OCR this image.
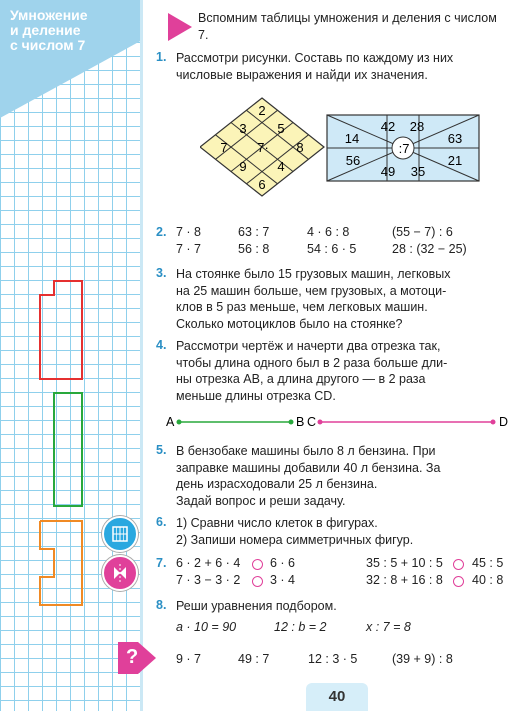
Умножение
и деление
с числом 7
Вспомним таблицы умножения и деления с числом 7.
1. Рассмотри рисунки. Составь по каждому из них числовые выражения и найди их значения.
7·
2
3 5
7	8
9 4
6
:7
42 28
14	63
56	21
49 35
2. 7 · 8	63 : 7	4 · 6 : 8	(55 − 7) : 6
7 · 7	56 : 8	54 : 6 · 5	28 : (32 − 25)
3. На стоянке было 15 грузовых машин, легковых
на 25 машин больше, чем грузовых, а мотоци-
клов в 5 раз меньше, чем легковых машин.
Сколько мотоциклов было на стоянке?
4. Рассмотри чертёж и начерти два отрезка так,
чтобы длина одного был в 2 раза больше дли-
ны отрезка AB, а длина другого — в 2 раза
меньше длины отрезка CD.
A	B C	D
5. В бензобаке машины было 8 л бензина. При
заправке машины добавили 40 л бензина. За
день израсходовали 25 л бензина.
Задай вопрос и реши задачу.
6. 1) Сравни число клеток в фигурах.
2) Запиши номера симметричных фигур.
7. 6 · 2 + 6 · 4 6 · 6	35 : 5 + 10 : 5 45 : 5
7 · 3 − 3 · 2 3 · 4	32 : 8 + 16 : 8 40 : 8
8. Реши уравнения подбором.
a · 10 = 90	12 : b = 2	x : 7 = 8
?	9 · 7	49 : 7	12 : 3 · 5	(39 + 9) : 8
40
